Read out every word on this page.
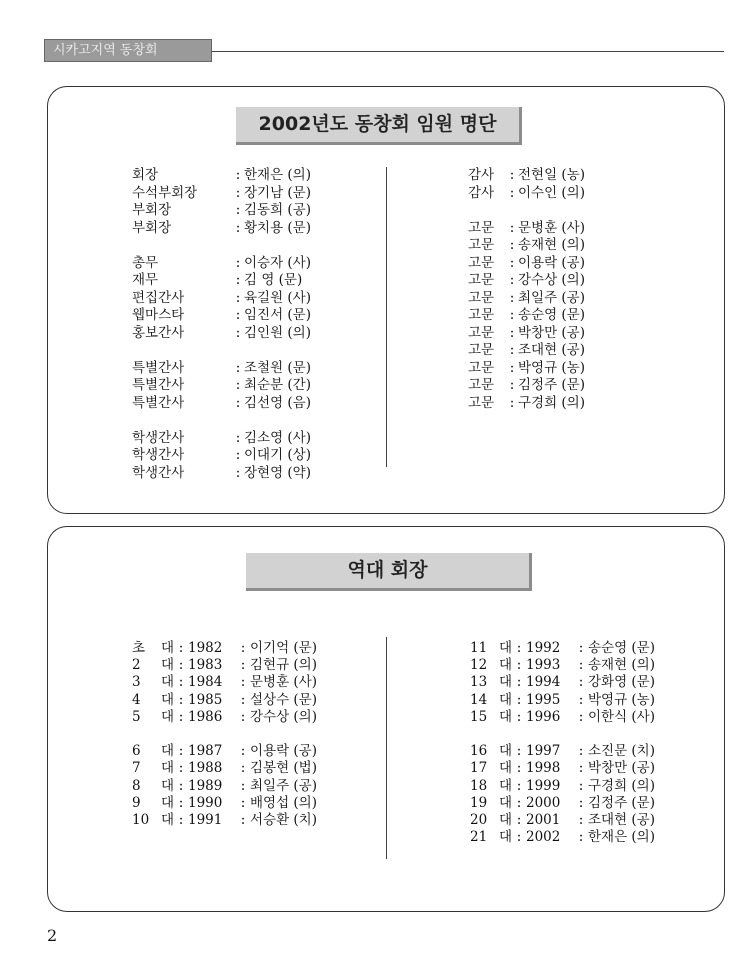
시카고지역 동창회
2002년도 동창회 임원 명단
회장	: 한재은 (의)
수석부회장	: 장기남 (문)
부회장	: 김동희 (공)
부회장	: 황치용 (문)
총무	: 이승자 (사)
재무	: 김 영 (문)
편집간사	: 육길원 (사)
웹마스타	: 임진서 (문)
홍보간사	: 김인원 (의)
특별간사	: 조철원 (문)
특별간사	: 최순분 (간)
특별간사	: 김선영 (음)
학생간사	: 김소영 (사)
학생간사	: 이대기 (상)
학생간사	: 장현영 (약)
감사 : 전현일 (농)
감사 : 이수인 (의)
고문 : 문병훈 (사)
고문 : 송재현 (의)
고문 : 이용락 (공)
고문 : 강수상 (의)
고문 : 최일주 (공)
고문 : 송순영 (문)
고문 : 박창만 (공)
고문 : 조대현 (공)
고문 : 박영규 (농)
고문 : 김정주 (문)
고문 : 구경희 (의)
역대 회장
초 대 : 1982 : 이기억 (문)
2 대 : 1983 : 김현규 (의)
3 대 : 1984 : 문병훈 (사)
4 대 : 1985 : 설상수 (문)
5 대 : 1986 : 강수상 (의)
6 대 : 1987 : 이용락 (공)
7 대 : 1988 : 김봉현 (법)
8 대 : 1989 : 최일주 (공)
9 대 : 1990 : 배영섭 (의)
10 대 : 1991 : 서승환 (치)
11 대 : 1992 : 송순영 (문)
12 대 : 1993 : 송재현 (의)
13 대 : 1994 : 강화영 (문)
14 대 : 1995 : 박영규 (농)
15 대 : 1996 : 이한식 (사)
16 대 : 1997 : 소진문 (치)
17 대 : 1998 : 박창만 (공)
18 대 : 1999 : 구경희 (의)
19 대 : 2000 : 김정주 (문)
20 대 : 2001 : 조대현 (공)
21 대 : 2002 : 한재은 (의)
2
